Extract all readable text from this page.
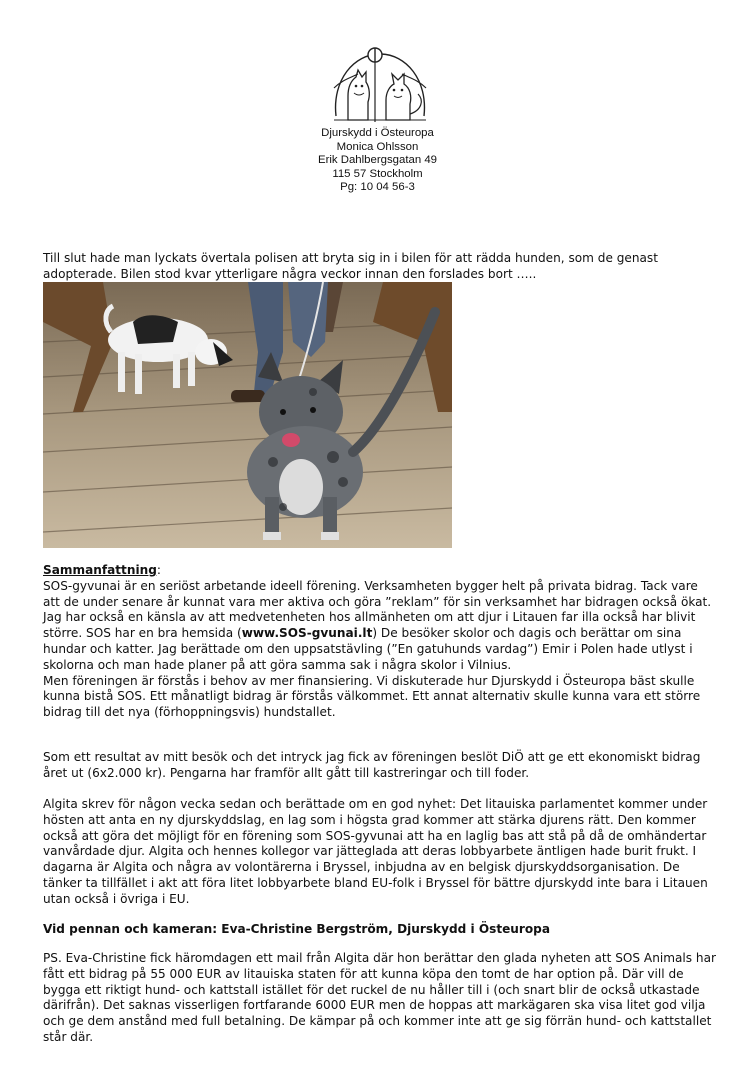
Djurskydd i Östeuropa
Monica Ohlsson
Erik Dahlbergsgatan 49
115 57 Stockholm
Pg: 10 04 56-3

Till slut hade man lyckats övertala polisen att bryta sig in i bilen för att rädda hunden, som de genast adopterade. Bilen stod kvar ytterligare några veckor innan den forslades bort …..

Sammanfattning:
SOS-gyvunai är en seriöst arbetande ideell förening. Verksamheten bygger helt på privata bidrag. Tack vare att de under senare år kunnat vara mer aktiva och göra ”reklam” för sin verksamhet har bidragen också ökat. Jag har också en känsla av att medvetenheten hos allmänheten om att djur i Litauen far illa också har blivit större. SOS har en bra hemsida (www.SOS-gvunai.lt) De besöker skolor och dagis och berättar om sina hundar och katter. Jag berättade om den uppsatstävling (”En gatuhunds vardag”) Emir i Polen hade utlyst i skolorna och man hade planer på att göra samma sak i några skolor i Vilnius.
Men föreningen är förstås i behov av mer finansiering. Vi diskuterade hur Djurskydd i Östeuropa bäst skulle kunna bistå SOS. Ett månatligt bidrag är förstås välkommet. Ett annat alternativ skulle kunna vara ett större bidrag till det nya (förhoppningsvis) hundstallet.

Som ett resultat av mitt besök och det intryck jag fick av föreningen beslöt DiÖ att ge ett ekonomiskt bidrag året ut (6x2.000 kr). Pengarna har framför allt gått till kastreringar och till foder.

Algita skrev för någon vecka sedan och berättade om en god nyhet: Det litauiska parlamentet kommer under hösten att anta en ny djurskyddslag, en lag som i högsta grad kommer att stärka djurens rätt. Den kommer också att göra det möjligt för en förening som SOS-gyvunai att ha en laglig bas att stå på då de omhändertar vanvårdade djur. Algita och hennes kollegor var jätteglada att deras lobbyarbete äntligen hade burit frukt. I dagarna är Algita och några av volontärerna i Bryssel, inbjudna av en belgisk djurskyddsorganisation. De tänker ta tillfället i akt att föra litet lobbyarbete bland EU-folk i Bryssel för bättre djurskydd inte bara i Litauen utan också i övriga i EU.

Vid pennan och kameran: Eva-Christine Bergström, Djurskydd i Östeuropa

PS. Eva-Christine fick häromdagen ett mail från Algita där hon berättar den glada nyheten att SOS Animals har fått ett bidrag på 55 000 EUR av litauiska staten för att kunna köpa den tomt de har option på. Där vill de bygga ett riktigt hund- och kattstall istället för det ruckel de nu håller till i (och snart blir de också utkastade därifrån). Det saknas visserligen fortfarande 6000 EUR men de hoppas att markägaren ska visa litet god vilja och ge dem anstånd med full betalning. De kämpar på och kommer inte att ge sig förrän hund- och kattstallet står där.
